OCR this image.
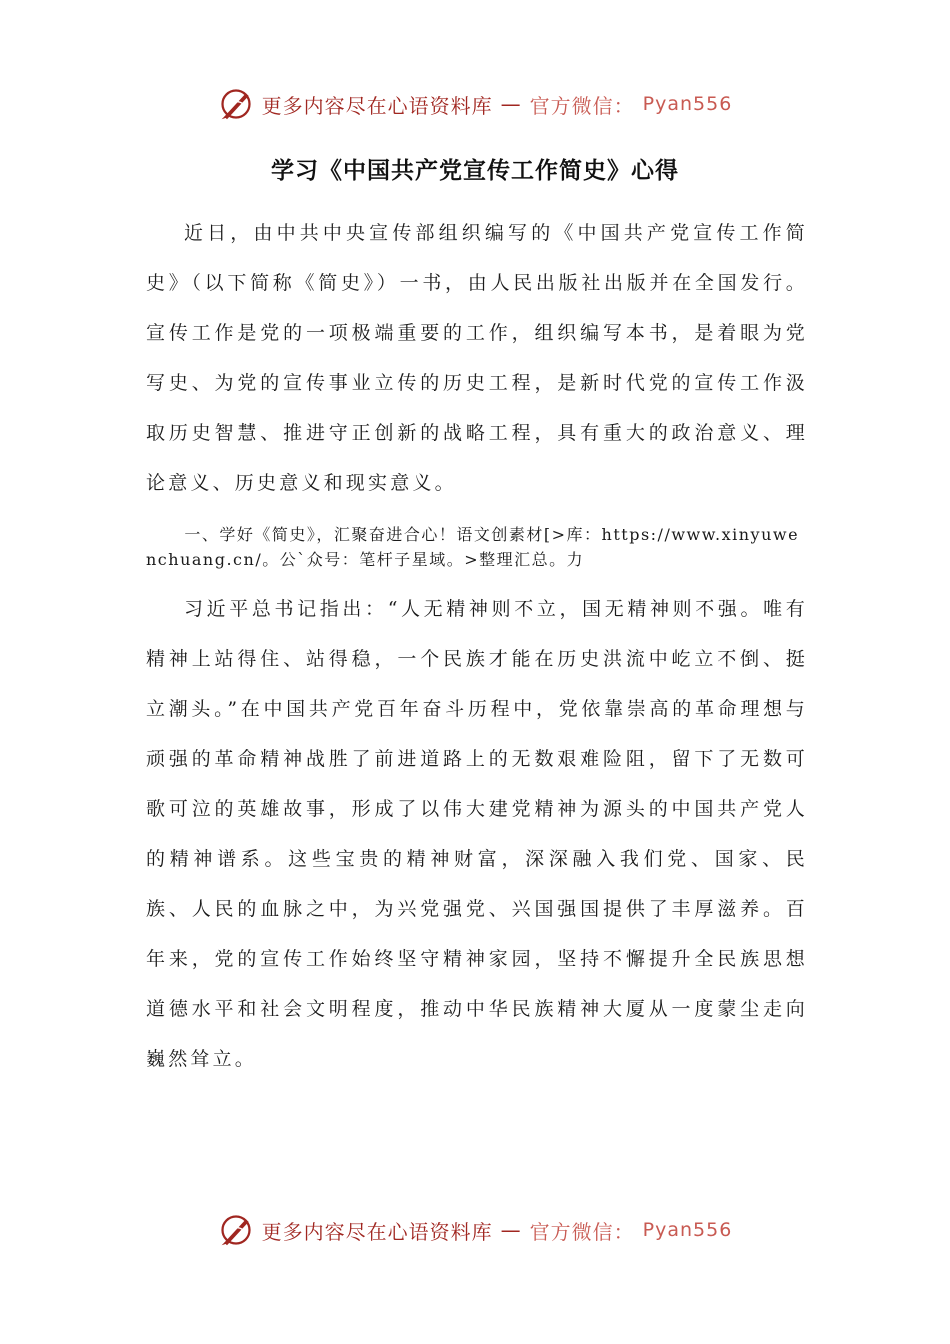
更多内容尽在心语资料库 — 官方微信： Pyan556
学习《中国共产党宣传工作简史》心得

近日，由中共中央宣传部组织编写的《中国共产党宣传工作简史》（以下简称《简史》）一书，由人民出版社出版并在全国发行。宣传工作是党的一项极端重要的工作，组织编写本书，是着眼为党写史、为党的宣传事业立传的历史工程，是新时代党的宣传工作汲取历史智慧、推进守正创新的战略工程，具有重大的政治意义、理论意义、历史意义和现实意义。

一、学好《简史》，汇聚奋进合心！语文创素材[>库：https://www.xinyuwenchuang.cn/。公`众号：笔杆子星域。>整理汇总。力

习近平总书记指出：“人无精神则不立，国无精神则不强。唯有精神上站得住、站得稳，一个民族才能在历史洪流中屹立不倒、挺立潮头。”在中国共产党百年奋斗历程中，党依靠崇高的革命理想与顽强的革命精神战胜了前进道路上的无数艰难险阻，留下了无数可歌可泣的英雄故事，形成了以伟大建党精神为源头的中国共产党人的精神谱系。这些宝贵的精神财富，深深融入我们党、国家、民族、人民的血脉之中，为兴党强党、兴国强国提供了丰厚滋养。百年来，党的宣传工作始终坚守精神家园，坚持不懈提升全民族思想道德水平和社会文明程度，推动中华民族精神大厦从一度蒙尘走向巍然耸立。

更多内容尽在心语资料库 — 官方微信： Pyan556
